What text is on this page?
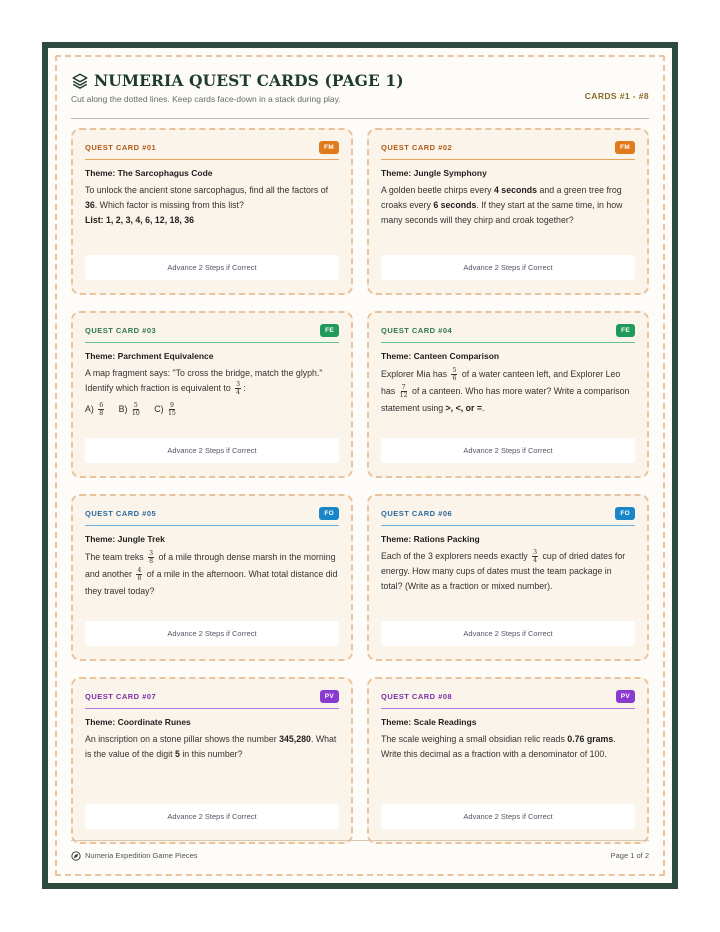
NUMERIA QUEST CARDS (PAGE 1)
Cut along the dotted lines. Keep cards face-down in a stack during play.	CARDS #1 - #8
QUEST CARD #01	FM
Theme: The Sarcophagus Code
To unlock the ancient stone sarcophagus, find all the factors of 36. Which factor is missing from this list?
List: 1, 2, 3, 4, 6, 12, 18, 36
Advance 2 Steps if Correct
QUEST CARD #02	FM
Theme: Jungle Symphony
A golden beetle chirps every 4 seconds and a green tree frog croaks every 6 seconds. If they start at the same time, in how many seconds will they chirp and croak together?
Advance 2 Steps if Correct
QUEST CARD #03	FE
Theme: Parchment Equivalence
A map fragment says: "To cross the bridge, match the glyph." Identify which fraction is equivalent to $\frac{3}{4}$ :
$A) \frac{6}{8} B) \frac{5}{10} C) \frac{9}{15}$
Advance 2 Steps if Correct
QUEST CARD #04	FE
Theme: Canteen Comparison
Explorer Mia has $\frac{5}{6}$ of a water canteen left, and Explorer Leo has $\frac{7}{12}$ of a canteen. Who has more water? Write a comparison statement using >, <, or =.
Advance 2 Steps if Correct
QUEST CARD #05	FO
Theme: Jungle Trek
The team treks $\frac{3}{8}$ of a mile through dense marsh in the morning and another $\frac{4}{8}$ of a mile in the afternoon. What total distance did they travel today?
Advance 2 Steps if Correct
QUEST CARD #06	FO
Theme: Rations Packing
Each of the 3 explorers needs exactly $\frac{3}{4}$ cup of dried dates for energy. How many cups of dates must the team package in total? (Write as a fraction or mixed number).
Advance 2 Steps if Correct
QUEST CARD #07	PV
Theme: Coordinate Runes
An inscription on a stone pillar shows the number 345,280. What is the value of the digit 5 in this number?
Advance 2 Steps if Correct
QUEST CARD #08	PV
Theme: Scale Readings
The scale weighing a small obsidian relic reads 0.76 grams. Write this decimal as a fraction with a denominator of 100.
Advance 2 Steps if Correct
Numeria Expedition Game Pieces	Page 1 of 2
